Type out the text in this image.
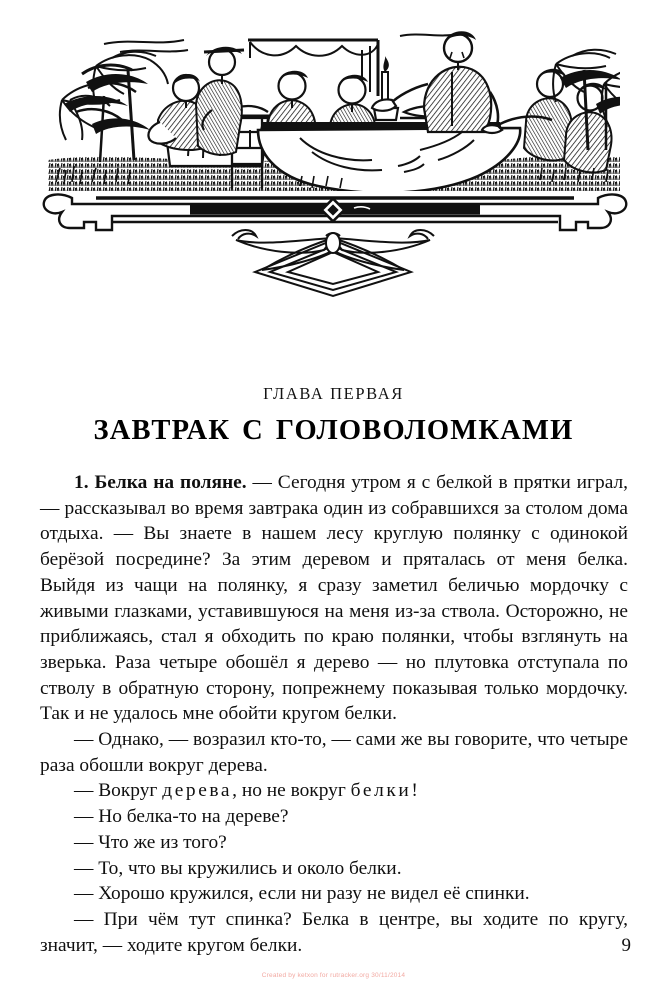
ГЛАВА ПЕРВАЯ
ЗАВТРАК С ГОЛОВОЛОМКАМИ

1. Белка на поляне. — Сегодня утром я с белкой в прятки играл, — рассказывал во время завтрака один из собравшихся за столом дома отдыха. — Вы знаете в нашем лесу круглую полянку с одинокой берёзой посредине? За этим деревом и пряталась от меня белка. Выйдя из чащи на полянку, я сразу заметил беличью мордочку с живыми глазками, уставившуюся на меня из-за ствола. Осторожно, не приближаясь, стал я обходить по краю полянки, чтобы взглянуть на зверька. Раза четыре обошёл я дерево — но плутовка отступала по стволу в обратную сторону, попрежнему показывая только мордочку. Так и не удалось мне обойти кругом белки.

— Однако, — возразил кто-то, — сами же вы говорите, что четыре раза обошли вокруг дерева.

— Вокруг дерева, но не вокруг белки!

— Но белка-то на дереве?

— Что же из того?

— То, что вы кружились и около белки.

— Хорошо кружился, если ни разу не видел её спинки.

— При чём тут спинка? Белка в центре, вы ходите по кругу, значит, — ходите кругом белки.	9
Created by ketxon for rutracker.org 30/11/2014
